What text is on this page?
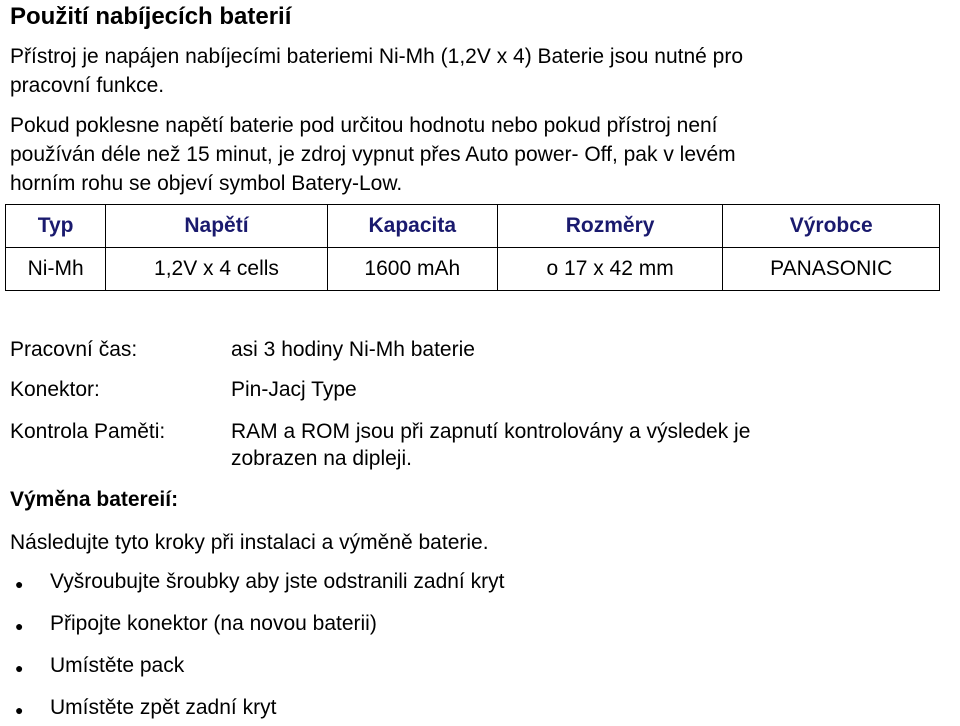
Použití nabíjecích baterií
Přístroj je napájen nabíjecími bateriemi Ni-Mh (1,2V x 4) Baterie jsou nutné pro
pracovní funkce.
Pokud poklesne napětí baterie pod určitou hodnotu nebo pokud přístroj není
používán déle než 15 minut, je zdroj vypnut přes Auto power- Off, pak v levém
horním rohu se objeví symbol Batery-Low.
Typ	Napětí	Kapacita	Rozměry	Výrobce
Ni-Mh	1,2V x 4 cells	1600 mAh	o 17 x 42 mm	PANASONIC
Pracovní čas:	asi 3 hodiny Ni-Mh baterie
Konektor:	Pin-Jacj Type
Kontrola Paměti:	RAM a ROM jsou při zapnutí kontrolovány a výsledek je
zobrazen na dipleji.
Výměna batereií:
Následujte tyto kroky při instalaci a výměně baterie.
● Vyšroubujte šroubky aby jste odstranili zadní kryt
● Připojte konektor (na novou baterii)
● Umístěte pack
● Umístěte zpět zadní kryt
